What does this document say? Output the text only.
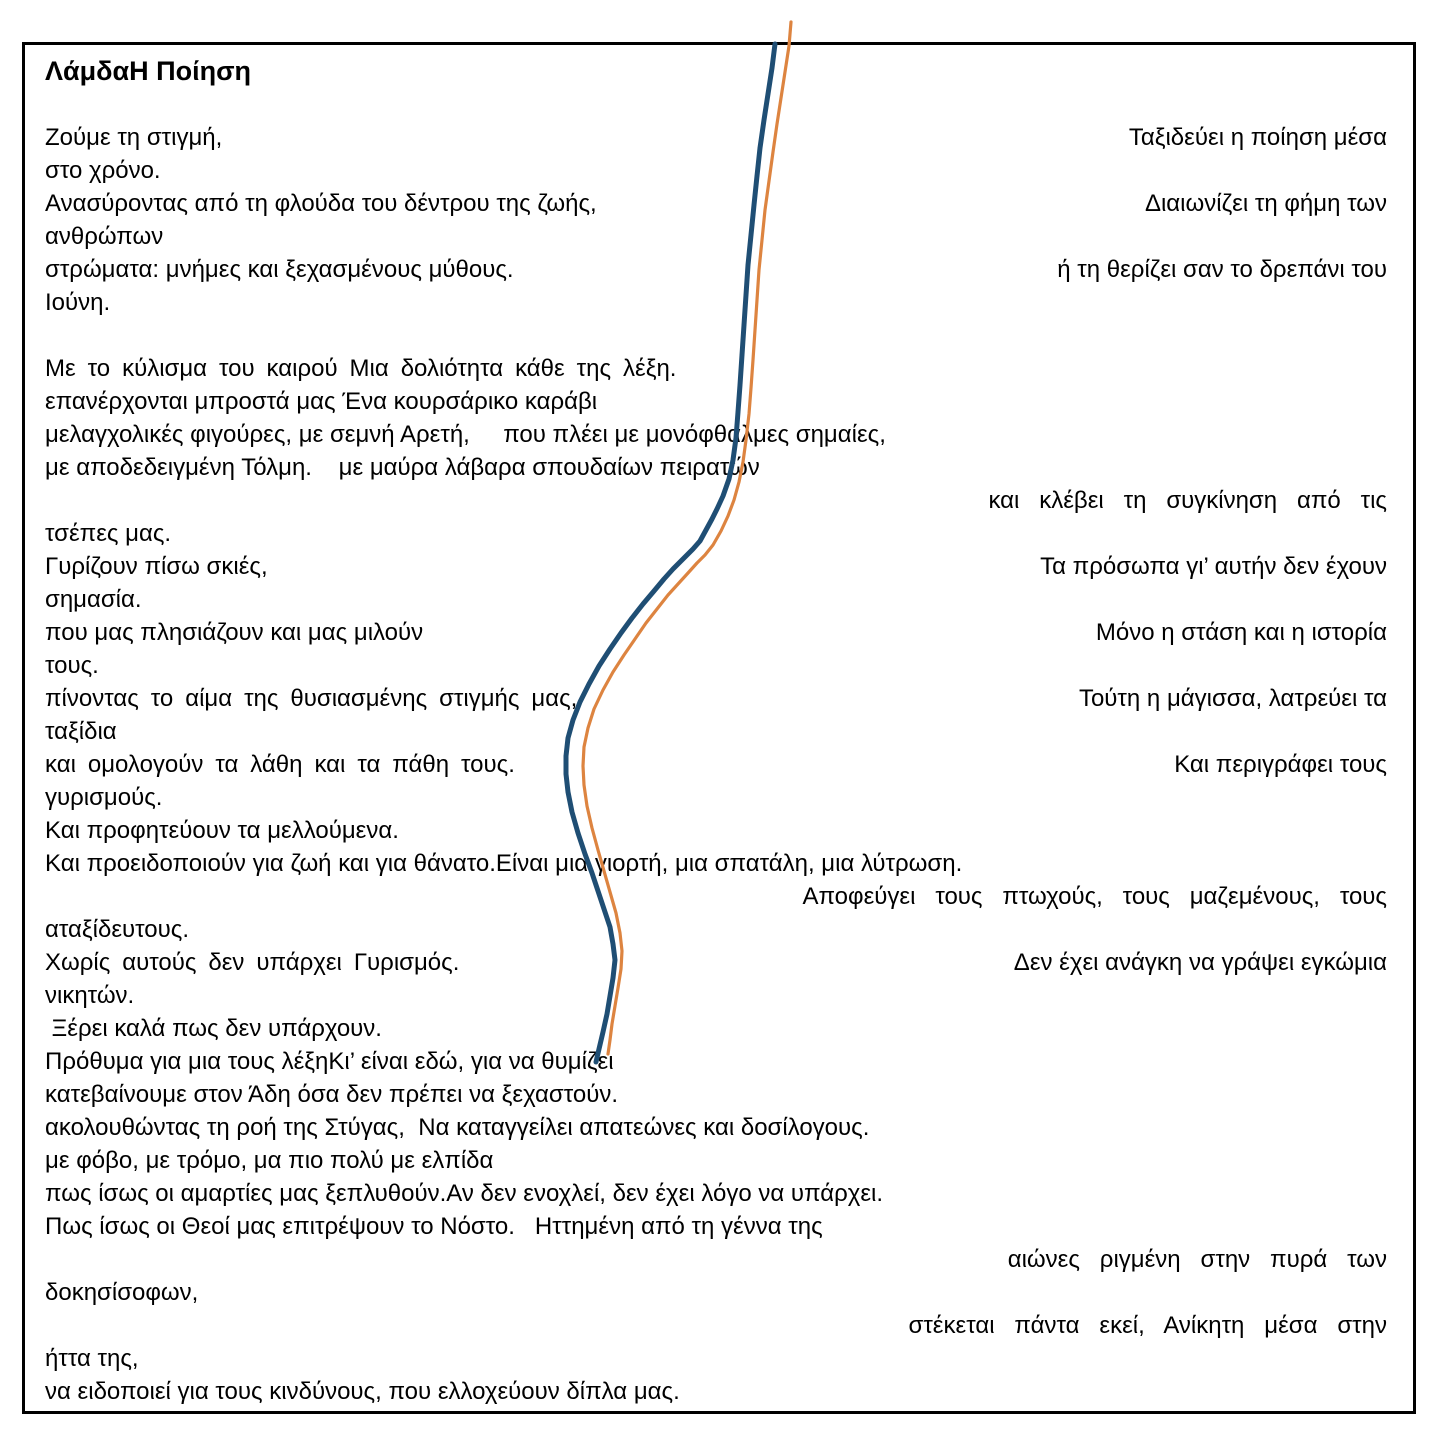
ΛάμδαΗ Ποίηση
Ζούμε τη στιγμή,	Ταξιδεύει η ποίηση μέσα
στο χρόνο.
Ανασύροντας από τη φλούδα του δέντρου της ζωής,	Διαιωνίζει τη φήμη των
ανθρώπων
στρώματα: μνήμες και ξεχασμένους μύθους.	ή τη θερίζει σαν το δρεπάνι του
Ιούνη.

Με το κύλισμα του καιρού Μια δολιότητα κάθε της λέξη.
επανέρχονται μπροστά μας Ένα κουρσάρικο καράβι
μελαγχολικές φιγούρες, με σεμνή Αρετή,     που πλέει με μονόφθαλμες σημαίες,
με αποδεδειγμένη Τόλμη.    με μαύρα λάβαρα σπουδαίων πειρατών
και κλέβει τη συγκίνηση από τις
τσέπες μας.
Γυρίζουν πίσω σκιές,	Τα πρόσωπα γι’ αυτήν δεν έχουν
σημασία.
που μας πλησιάζουν και μας μιλούν	Μόνο η στάση και η ιστορία
τους.
πίνοντας το αίμα της θυσιασμένης στιγμής μας,	Τούτη η μάγισσα, λατρεύει τα
ταξίδια
και ομολογούν τα λάθη και τα πάθη τους.	Και περιγράφει τους
γυρισμούς.
Και προφητεύουν τα μελλούμενα.
Και προειδοποιούν για ζωή και για θάνατο.Είναι μια γιορτή, μια σπατάλη, μια λύτρωση.
Αποφεύγει τους πτωχούς, τους μαζεμένους, τους
αταξίδευτους.
Χωρίς αυτούς δεν υπάρχει Γυρισμός.	Δεν έχει ανάγκη να γράψει εγκώμια
νικητών.
Ξέρει καλά πως δεν υπάρχουν.
Πρόθυμα για μια τους λέξηΚι’ είναι εδώ, για να θυμίζει
κατεβαίνουμε στον Άδη όσα δεν πρέπει να ξεχαστούν.
ακολουθώντας τη ροή της Στύγας,  Να καταγγείλει απατεώνες και δοσίλογους.
με φόβο, με τρόμο, μα πιο πολύ με ελπίδα
πως ίσως οι αμαρτίες μας ξεπλυθούν.Αν δεν ενοχλεί, δεν έχει λόγο να υπάρχει.
Πως ίσως οι Θεοί μας επιτρέψουν το Νόστο.   Ηττημένη από τη γέννα της
αιώνες ριγμένη στην πυρά των
δοκησίσοφων,
στέκεται πάντα εκεί, Ανίκητη μέσα στην
ήττα της,
να ειδοποιεί για τους κινδύνους, που ελλοχεύουν δίπλα μας.
